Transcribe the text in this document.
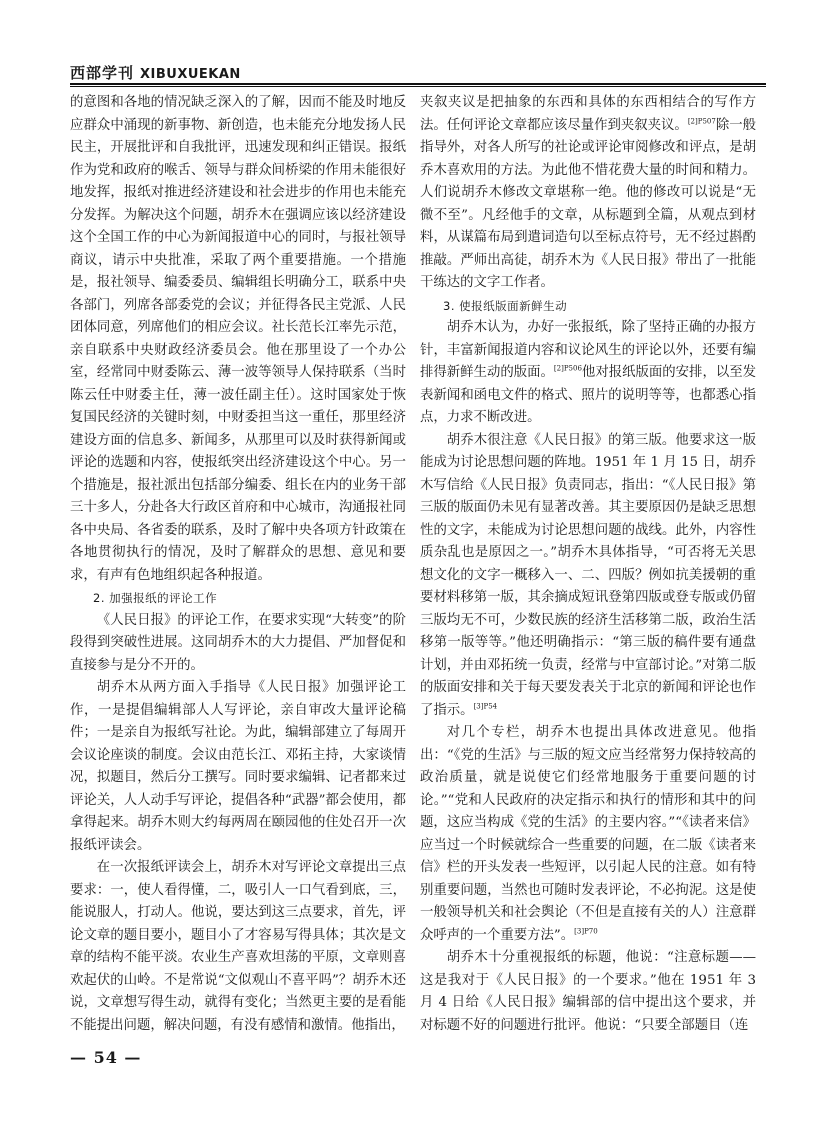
西部学刊 XIBUXUEKAN

的意图和各地的情况缺乏深入的了解，因而不能及时地反应群众中涌现的新事物、新创造，也未能充分地发扬人民民主，开展批评和自我批评，迅速发现和纠正错误。报纸作为党和政府的喉舌、领导与群众间桥梁的作用未能很好地发挥，报纸对推进经济建设和社会进步的作用也未能充分发挥。为解决这个问题，胡乔木在强调应该以经济建设这个全国工作的中心为新闻报道中心的同时，与报社领导商议，请示中央批准，采取了两个重要措施。一个措施是，报社领导、编委委员、编辑组长明确分工，联系中央各部门，列席各部委党的会议；并征得各民主党派、人民团体同意，列席他们的相应会议。社长范长江率先示范，亲自联系中央财政经济委员会。他在那里设了一个办公室，经常同中财委陈云、薄一波等领导人保持联系（当时陈云任中财委主任，薄一波任副主任）。这时国家处于恢复国民经济的关键时刻，中财委担当这一重任，那里经济建设方面的信息多、新闻多，从那里可以及时获得新闻或评论的选题和内容，使报纸突出经济建设这个中心。另一个措施是，报社派出包括部分编委、组长在内的业务干部三十多人，分赴各大行政区首府和中心城市，沟通报社同各中央局、各省委的联系，及时了解中央各项方针政策在各地贯彻执行的情况，及时了解群众的思想、意见和要求，有声有色地组织起各种报道。

2. 加强报纸的评论工作

《人民日报》的评论工作，在要求实现“大转变”的阶段得到突破性进展。这同胡乔木的大力提倡、严加督促和直接参与是分不开的。

胡乔木从两方面入手指导《人民日报》加强评论工作，一是提倡编辑部人人写评论，亲自审改大量评论稿件；一是亲自为报纸写社论。为此，编辑部建立了每周开会议论座谈的制度。会议由范长江、邓拓主持，大家谈情况，拟题目，然后分工撰写。同时要求编辑、记者都来过评论关，人人动手写评论，提倡各种“武器”都会使用，都拿得起来。胡乔木则大约每两周在颐园他的住处召开一次报纸评读会。

在一次报纸评读会上，胡乔木对写评论文章提出三点要求：一，使人看得懂，二，吸引人一口气看到底，三，能说服人，打动人。他说，要达到这三点要求，首先，评论文章的题目要小，题目小了才容易写得具体；其次是文章的结构不能平淡。农业生产喜欢坦荡的平原，文章则喜欢起伏的山岭。不是常说“文似观山不喜平吗”？胡乔木还说，文章想写得生动，就得有变化；当然更主要的是看能不能提出问题，解决问题，有没有感情和激情。他指出，

夹叙夹议是把抽象的东西和具体的东西相结合的写作方法。任何评论文章都应该尽量作到夹叙夹议。$^{[2]P507}$除一般指导外，对各人所写的社论或评论审阅修改和评点，是胡乔木喜欢用的方法。为此他不惜花费大量的时间和精力。人们说胡乔木修改文章堪称一绝。他的修改可以说是“无微不至”。凡经他手的文章，从标题到全篇，从观点到材料，从谋篇布局到遣词造句以至标点符号，无不经过斟酌推敲。严师出高徒，胡乔木为《人民日报》带出了一批能干练达的文字工作者。

3. 使报纸版面新鲜生动

胡乔木认为，办好一张报纸，除了坚持正确的办报方针，丰富新闻报道内容和议论风生的评论以外，还要有编排得新鲜生动的版面。$^{[2]P506}$他对报纸版面的安排，以至发表新闻和函电文件的格式、照片的说明等等，也都悉心指点，力求不断改进。

胡乔木很注意《人民日报》的第三版。他要求这一版能成为讨论思想问题的阵地。1951 年 1 月 15 日，胡乔木写信给《人民日报》负责同志，指出：“《人民日报》第三版的版面仍未见有显著改善。其主要原因仍是缺乏思想性的文字，未能成为讨论思想问题的战线。此外，内容性质杂乱也是原因之一。”胡乔木具体指导，“可否将无关思想文化的文字一概移入一、二、四版？例如抗美援朝的重要材料移第一版，其余摘成短讯登第四版或登专版或仍留三版均无不可，少数民族的经济生活移第二版，政治生活移第一版等等。”他还明确指示：“第三版的稿件要有通盘计划，并由邓拓统一负责，经常与中宣部讨论。”对第二版的版面安排和关于每天要发表关于北京的新闻和评论也作了指示。$^{[3]P54}$

对几个专栏，胡乔木也提出具体改进意见。他指出：“《党的生活》与三版的短文应当经常努力保持较高的政治质量，就是说使它们经常地服务于重要问题的讨论。”“党和人民政府的决定指示和执行的情形和其中的问题，这应当构成《党的生活》的主要内容。”“《读者来信》应当过一个时候就综合一些重要的问题，在二版《读者来信》栏的开头发表一些短评，以引起人民的注意。如有特别重要问题，当然也可随时发表评论，不必拘泥。这是使一般领导机关和社会舆论（不但是直接有关的人）注意群众呼声的一个重要方法”。$^{[3]P70}$

胡乔木十分重视报纸的标题，他说：“注意标题——这是我对于《人民日报》的一个要求。”他在 1951 年 3 月 4 日给《人民日报》编辑部的信中提出这个要求，并对标题不好的问题进行批评。他说：“只要全部题目（连

— 54 —
